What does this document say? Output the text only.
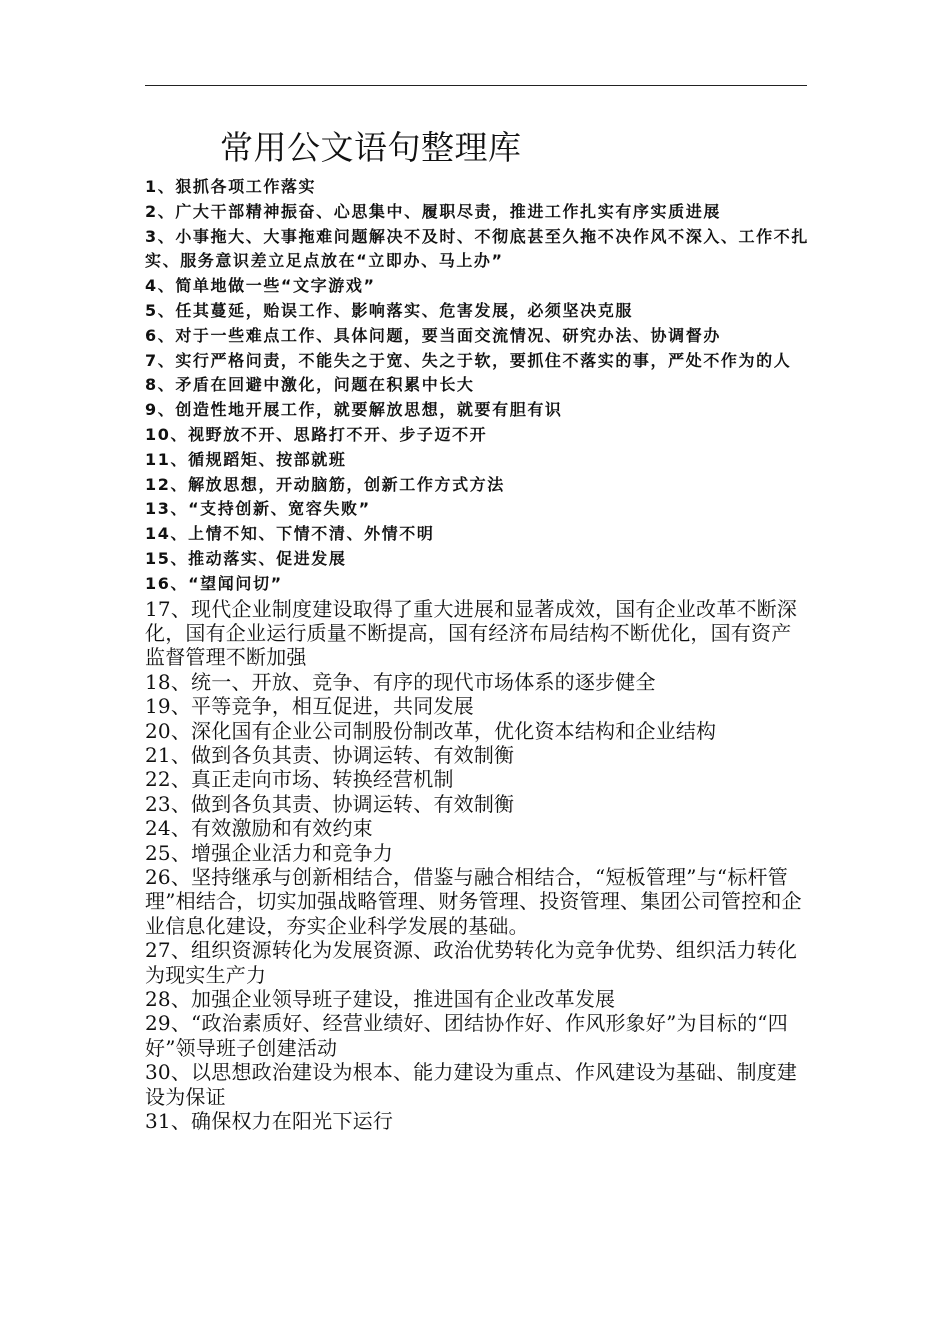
常用公文语句整理库
1、狠抓各项工作落实
2、广大干部精神振奋、心思集中、履职尽责，推进工作扎实有序实质进展
3、小事拖大、大事拖难问题解决不及时、不彻底甚至久拖不决作风不深入、工作不扎实、服务意识差立足点放在“立即办、马上办”
4、简单地做一些“文字游戏”
5、任其蔓延，贻误工作、影响落实、危害发展，必须坚决克服
6、对于一些难点工作、具体问题，要当面交流情况、研究办法、协调督办
7、实行严格问责，不能失之于宽、失之于软，要抓住不落实的事，严处不作为的人
8、矛盾在回避中激化，问题在积累中长大
9、创造性地开展工作，就要解放思想，就要有胆有识
10、视野放不开、思路打不开、步子迈不开
11、循规蹈矩、按部就班
12、解放思想，开动脑筋，创新工作方式方法
13、“支持创新、宽容失败”
14、上情不知、下情不清、外情不明
15、推动落实、促进发展
16、“望闻问切”
17、现代企业制度建设取得了重大进展和显著成效，国有企业改革不断深化，国有企业运行质量不断提高，国有经济布局结构不断优化，国有资产监督管理不断加强
18、统一、开放、竞争、有序的现代市场体系的逐步健全
19、平等竞争，相互促进，共同发展
20、深化国有企业公司制股份制改革，优化资本结构和企业结构
21、做到各负其责、协调运转、有效制衡
22、真正走向市场、转换经营机制
23、做到各负其责、协调运转、有效制衡
24、有效激励和有效约束
25、增强企业活力和竞争力
26、坚持继承与创新相结合，借鉴与融合相结合，“短板管理”与“标杆管理”相结合，切实加强战略管理、财务管理、投资管理、集团公司管控和企业信息化建设，夯实企业科学发展的基础。
27、组织资源转化为发展资源、政治优势转化为竞争优势、组织活力转化为现实生产力
28、加强企业领导班子建设，推进国有企业改革发展
29、“政治素质好、经营业绩好、团结协作好、作风形象好”为目标的“四好”领导班子创建活动
30、以思想政治建设为根本、能力建设为重点、作风建设为基础、制度建设为保证
31、确保权力在阳光下运行
